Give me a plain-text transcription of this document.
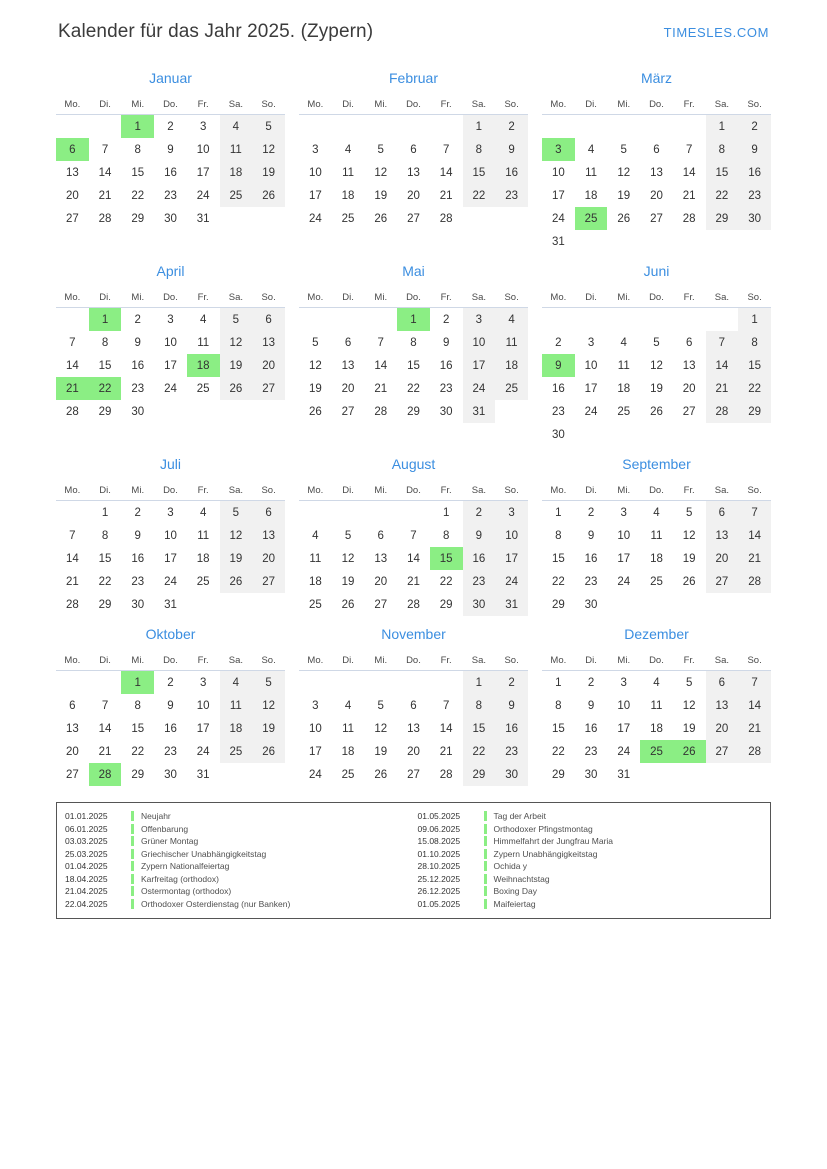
Kalender für das Jahr 2025. (Zypern)	TIMESLES.COM
Januar
Mo.	Di.	Mi.	Do.	Fr.	Sa.	So.
		1	2	3	4	5
6	7	8	9	10	11	12
13	14	15	16	17	18	19
20	21	22	23	24	25	26
27	28	29	30	31		
Februar
Mo.	Di.	Mi.	Do.	Fr.	Sa.	So.
					1	2
3	4	5	6	7	8	9
10	11	12	13	14	15	16
17	18	19	20	21	22	23
24	25	26	27	28		
März
Mo.	Di.	Mi.	Do.	Fr.	Sa.	So.
					1	2
3	4	5	6	7	8	9
10	11	12	13	14	15	16
17	18	19	20	21	22	23
24	25	26	27	28	29	30
31						
April
Mo.	Di.	Mi.	Do.	Fr.	Sa.	So.
	1	2	3	4	5	6
7	8	9	10	11	12	13
14	15	16	17	18	19	20
21	22	23	24	25	26	27
28	29	30				
Mai
Mo.	Di.	Mi.	Do.	Fr.	Sa.	So.
			1	2	3	4
5	6	7	8	9	10	11
12	13	14	15	16	17	18
19	20	21	22	23	24	25
26	27	28	29	30	31	
Juni
Mo.	Di.	Mi.	Do.	Fr.	Sa.	So.
						1
2	3	4	5	6	7	8
9	10	11	12	13	14	15
16	17	18	19	20	21	22
23	24	25	26	27	28	29
30						
Juli
Mo.	Di.	Mi.	Do.	Fr.	Sa.	So.
	1	2	3	4	5	6
7	8	9	10	11	12	13
14	15	16	17	18	19	20
21	22	23	24	25	26	27
28	29	30	31			
August
Mo.	Di.	Mi.	Do.	Fr.	Sa.	So.
				1	2	3
4	5	6	7	8	9	10
11	12	13	14	15	16	17
18	19	20	21	22	23	24
25	26	27	28	29	30	31
September
Mo.	Di.	Mi.	Do.	Fr.	Sa.	So.
1	2	3	4	5	6	7
8	9	10	11	12	13	14
15	16	17	18	19	20	21
22	23	24	25	26	27	28
29	30					
Oktober
Mo.	Di.	Mi.	Do.	Fr.	Sa.	So.
		1	2	3	4	5
6	7	8	9	10	11	12
13	14	15	16	17	18	19
20	21	22	23	24	25	26
27	28	29	30	31		
November
Mo.	Di.	Mi.	Do.	Fr.	Sa.	So.
					1	2
3	4	5	6	7	8	9
10	11	12	13	14	15	16
17	18	19	20	21	22	23
24	25	26	27	28	29	30
Dezember
Mo.	Di.	Mi.	Do.	Fr.	Sa.	So.
1	2	3	4	5	6	7
8	9	10	11	12	13	14
15	16	17	18	19	20	21
22	23	24	25	26	27	28
29	30	31				
01.01.2025	Neujahr
06.01.2025	Offenbarung
03.03.2025	Grüner Montag
25.03.2025	Griechischer Unabhängigkeitstag
01.04.2025	Zypern Nationalfeiertag
18.04.2025	Karfreitag (orthodox)
21.04.2025	Ostermontag (orthodox)
22.04.2025	Orthodoxer Osterdienstag (nur Banken)
01.05.2025	Tag der Arbeit
09.06.2025	Orthodoxer Pfingstmontag
15.08.2025	Himmelfahrt der Jungfrau Maria
01.10.2025	Zypern Unabhängigkeitstag
28.10.2025	Ochida y
25.12.2025	Weihnachtstag
26.12.2025	Boxing Day
01.05.2025	Maifeiertag
